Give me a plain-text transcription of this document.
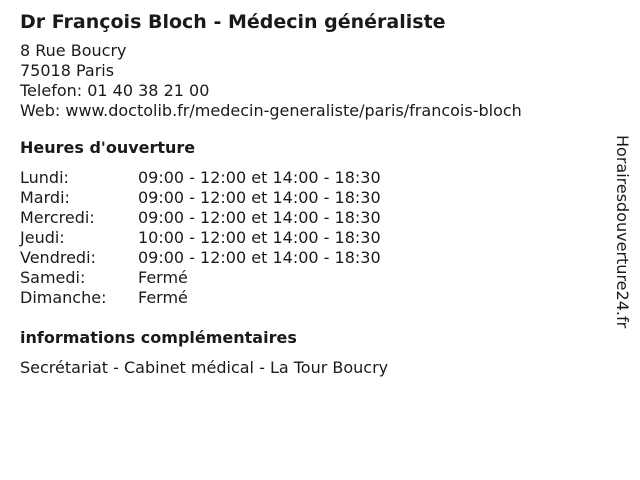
Dr François Bloch - Médecin généraliste
8 Rue Boucry
75018 Paris
Telefon: 01 40 38 21 00
Web: www.doctolib.fr/medecin-generaliste/paris/francois-bloch
Heures d'ouverture
Lundi:	09:00 - 12:00 et 14:00 - 18:30
Mardi:	09:00 - 12:00 et 14:00 - 18:30
Mercredi:	09:00 - 12:00 et 14:00 - 18:30
Jeudi:	10:00 - 12:00 et 14:00 - 18:30
Vendredi:	09:00 - 12:00 et 14:00 - 18:30
Samedi:	Fermé
Dimanche:	Fermé
informations complémentaires
Secrétariat - Cabinet médical - La Tour Boucry
Horairesdouverture24.fr
